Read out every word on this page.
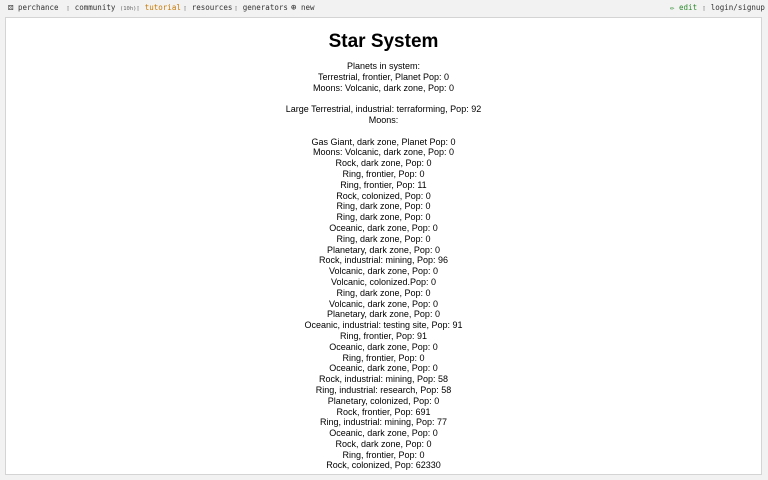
⚄ perchance ▯ community (10h) ▯ tutorial ▯ resources ▯ generators ⊕ new	✏ edit ▯ login/signup
Star System
Planets in system:
Terrestrial, frontier, Planet Pop: 0
Moons: Volcanic, dark zone, Pop: 0
Large Terrestrial, industrial: terraforming, Pop: 92
Moons:
Gas Giant, dark zone, Planet Pop: 0
Moons: Volcanic, dark zone, Pop: 0
Rock, dark zone, Pop: 0
Ring, frontier, Pop: 0
Ring, frontier, Pop: 11
Rock, colonized, Pop: 0
Ring, dark zone, Pop: 0
Ring, dark zone, Pop: 0
Oceanic, dark zone, Pop: 0
Ring, dark zone, Pop: 0
Planetary, dark zone, Pop: 0
Rock, industrial: mining, Pop: 96
Volcanic, dark zone, Pop: 0
Volcanic, colonized.Pop: 0
Ring, dark zone, Pop: 0
Volcanic, dark zone, Pop: 0
Planetary, dark zone, Pop: 0
Oceanic, industrial: testing site, Pop: 91
Ring, frontier, Pop: 91
Oceanic, dark zone, Pop: 0
Ring, frontier, Pop: 0
Oceanic, dark zone, Pop: 0
Rock, industrial: mining, Pop: 58
Ring, industrial: research, Pop: 58
Planetary, colonized, Pop: 0
Rock, frontier, Pop: 691
Ring, industrial: mining, Pop: 77
Oceanic, dark zone, Pop: 0
Rock, dark zone, Pop: 0
Ring, frontier, Pop: 0
Rock, colonized, Pop: 62330
